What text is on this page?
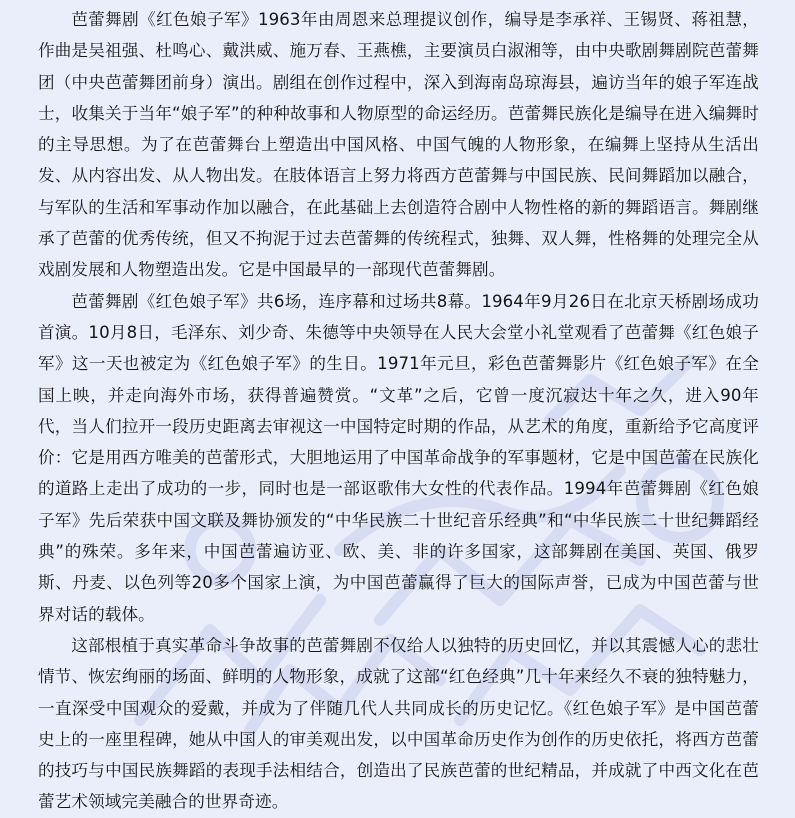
芭蕾舞剧《红色娘子军》1963年由周恩来总理提议创作，编导是李承祥、王锡贤、蒋祖慧，作曲是吴祖强、杜鸣心、戴洪威、施万春、王燕樵，主要演员白淑湘等，由中央歌剧舞剧院芭蕾舞团（中央芭蕾舞团前身）演出。剧组在创作过程中，深入到海南岛琼海县，遍访当年的娘子军连战士，收集关于当年“娘子军”的种种故事和人物原型的命运经历。芭蕾舞民族化是编导在进入编舞时的主导思想。为了在芭蕾舞台上塑造出中国风格、中国气魄的人物形象，在编舞上坚持从生活出发、从内容出发、从人物出发。在肢体语言上努力将西方芭蕾舞与中国民族、民间舞蹈加以融合，与军队的生活和军事动作加以融合，在此基础上去创造符合剧中人物性格的新的舞蹈语言。舞剧继承了芭蕾的优秀传统，但又不拘泥于过去芭蕾舞的传统程式，独舞、双人舞，性格舞的处理完全从戏剧发展和人物塑造出发。它是中国最早的一部现代芭蕾舞剧。

芭蕾舞剧《红色娘子军》共6场，连序幕和过场共8幕。1964年9月26日在北京天桥剧场成功首演。10月8日，毛泽东、刘少奇、朱德等中央领导在人民大会堂小礼堂观看了芭蕾舞《红色娘子军》这一天也被定为《红色娘子军》的生日。1971年元旦，彩色芭蕾舞影片《红色娘子军》在全国上映，并走向海外市场，获得普遍赞赏。“文革”之后，它曾一度沉寂达十年之久，进入90年代，当人们拉开一段历史距离去审视这一中国特定时期的作品，从艺术的角度，重新给予它高度评价：它是用西方唯美的芭蕾形式，大胆地运用了中国革命战争的军事题材，它是中国芭蕾在民族化的道路上走出了成功的一步，同时也是一部讴歌伟大女性的代表作品。1994年芭蕾舞剧《红色娘子军》先后荣获中国文联及舞协颁发的“中华民族二十世纪音乐经典”和“中华民族二十世纪舞蹈经典”的殊荣。多年来，中国芭蕾遍访亚、欧、美、非的许多国家，这部舞剧在美国、英国、俄罗斯、丹麦、以色列等20多个国家上演，为中国芭蕾赢得了巨大的国际声誉，已成为中国芭蕾与世界对话的载体。

这部根植于真实革命斗争故事的芭蕾舞剧不仅给人以独特的历史回忆，并以其震憾人心的悲壮情节、恢宏绚丽的场面、鲜明的人物形象，成就了这部“红色经典”几十年来经久不衰的独特魅力，一直深受中国观众的爱戴，并成为了伴随几代人共同成长的历史记忆。《红色娘子军》是中国芭蕾史上的一座里程碑，她从中国人的审美观出发，以中国革命历史作为创作的历史依托，将西方芭蕾的技巧与中国民族舞蹈的表现手法相结合，创造出了民族芭蕾的世纪精品，并成就了中西文化在芭蕾艺术领域完美融合的世界奇迹。
